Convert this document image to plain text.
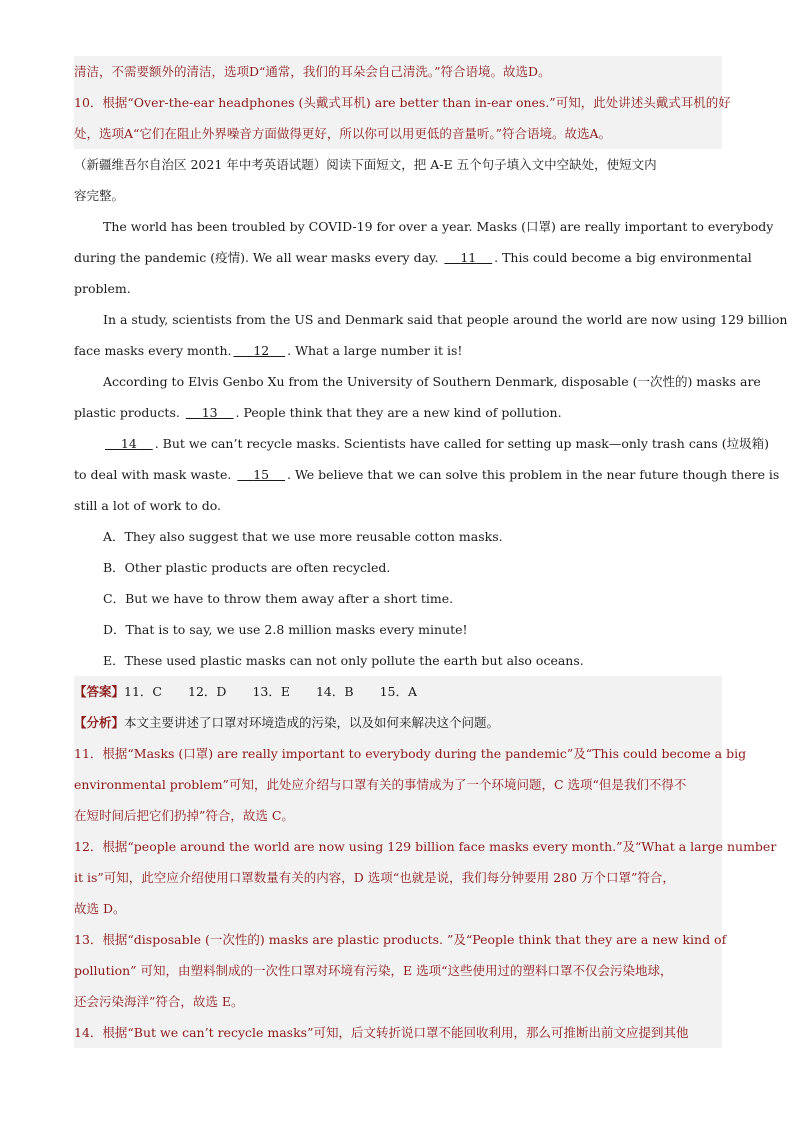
清洁，不需要额外的清洁，选项D“通常，我们的耳朵会自己清洗。”符合语境。故选D。
10．根据“Over-the-ear headphones (头戴式耳机) are better than in-ear ones.”可知，此处讲述头戴式耳机的好
处，选项A“它们在阻止外界噪音方面做得更好，所以你可以用更低的音量听。”符合语境。故选A。
（新疆维吾尔自治区 2021 年中考英语试题）阅读下面短文，把 A-E 五个句子填入文中空缺处，使短文内
容完整。
The world has been troubled by COVID-19 for over a year. Masks (口罩) are really important to everybody
during the pandemic (疫情). We all wear masks every day. 11 . This could become a big environmental
problem.
In a study, scientists from the US and Denmark said that people around the world are now using 129 billion
face masks every month. 12 . What a large number it is!
According to Elvis Genbo Xu from the University of Southern Denmark, disposable (一次性的) masks are
plastic products. 13 . People think that they are a new kind of pollution.
14 . But we can’t recycle masks. Scientists have called for setting up mask—only trash cans (垃圾箱)
to deal with mask waste. 15 . We believe that we can solve this problem in the near future though there is
still a lot of work to do.
A．They also suggest that we use more reusable cotton masks.
B．Other plastic products are often recycled.
C．But we have to throw them away after a short time.
D．That is to say, we use 2.8 million masks every minute!
E．These used plastic masks can not only pollute the earth but also oceans.
【答案】11．C 12．D 13．E 14．B 15．A
【分析】本文主要讲述了口罩对环境造成的污染，以及如何来解决这个问题。
11．根据“Masks (口罩) are really important to everybody during the pandemic”及“This could become a big
environmental problem”可知，此处应介绍与口罩有关的事情成为了一个环境问题，C 选项“但是我们不得不
在短时间后把它们扔掉”符合，故选 C。
12．根据“people around the world are now using 129 billion face masks every month.”及“What a large number
it is”可知，此空应介绍使用口罩数量有关的内容，D 选项“也就是说，我们每分钟要用 280 万个口罩”符合，
故选 D。
13．根据“disposable (一次性的) masks are plastic products. ”及“People think that they are a new kind of
pollution” 可知，由塑料制成的一次性口罩对环境有污染，E 选项“这些使用过的塑料口罩不仅会污染地球，
还会污染海洋”符合，故选 E。
14．根据“But we can’t recycle masks”可知，后文转折说口罩不能回收利用，那么可推断出前文应提到其他
